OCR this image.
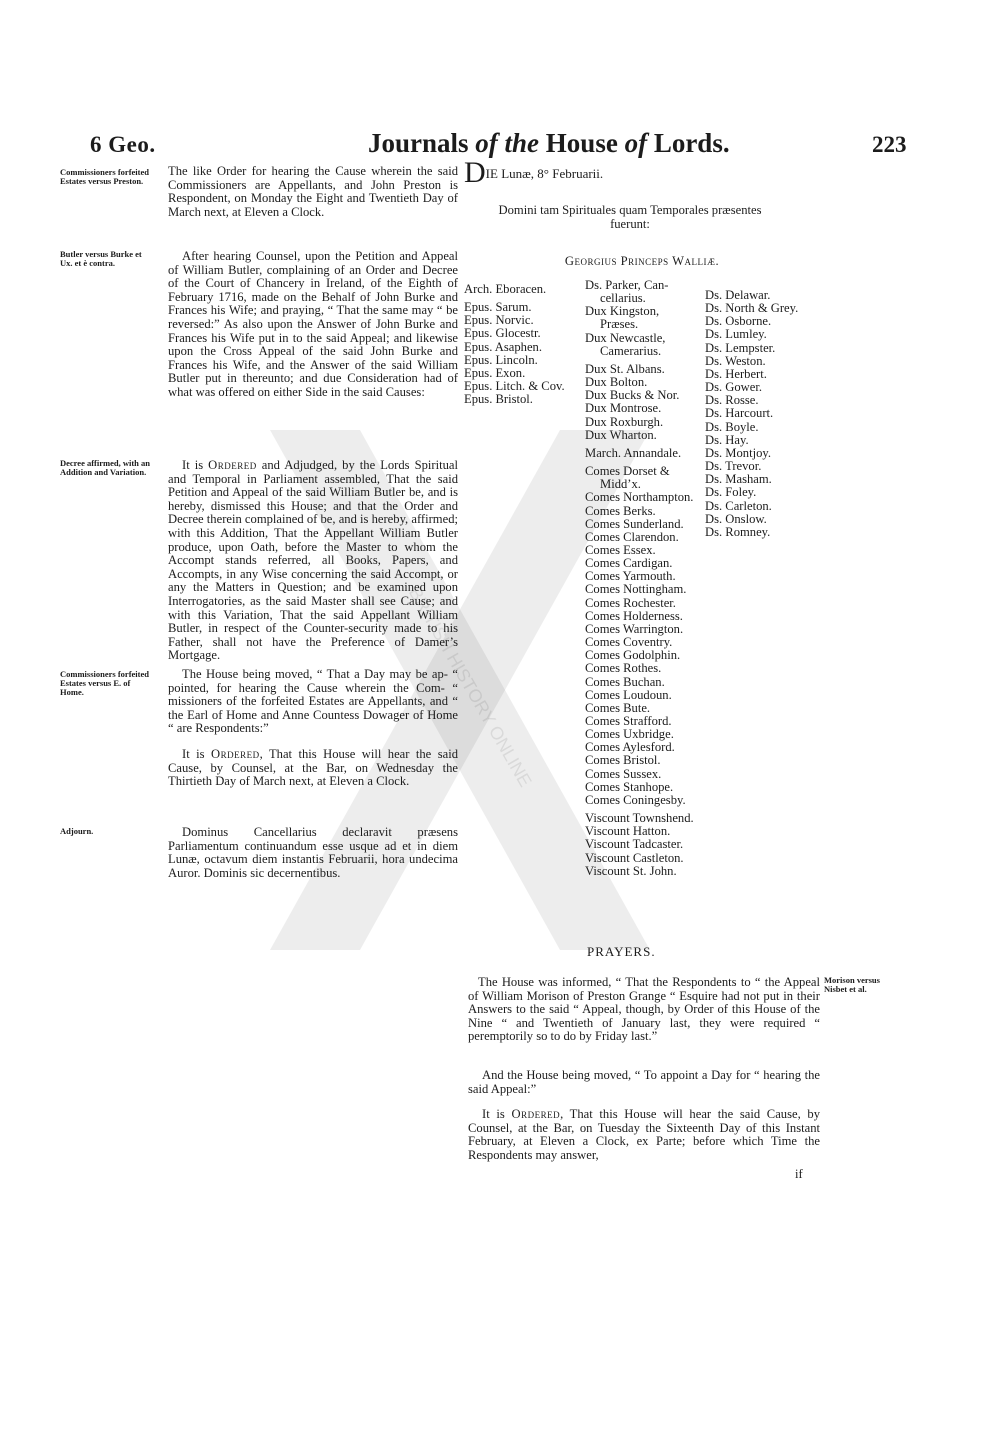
6 Geo.	Journals of the House of Lords.	223
BRITISH HISTORY ONLINE
Commissioners forfeited Estates versus Preston.
The like Order for hearing the Cause wherein the said Commissioners are Appellants, and John Preston is Respondent, on Monday the Eight and Twentieth Day of March next, at Eleven a Clock.
Butler versus Burke et Ux. et è contra.	After hearing Counsel, upon the Petition and Appeal of William Butler, complaining of an Order and Decree of the Court of Chancery in Ireland, of the Eighth of February 1716, made on the Behalf of John Burke and Frances his Wife; and praying, “ That the same may “ be reversed:” As also upon the Answer of John Burke and Frances his Wife put in to the said Appeal; and likewise upon the Cross Appeal of the said John Burke and Frances his Wife, and the Answer of the said William Butler put in thereunto; and due Consideration had of what was offered on either Side in the said Causes:
Decree affirmed, with an Addition and Variation.	It is Ordered and Adjudged, by the Lords Spiritual and Temporal in Parliament assembled, That the said Petition and Appeal of the said William Butler be, and is hereby, dismissed this House; and that the Order and Decree therein complained of be, and is hereby, affirmed; with this Addition, That the Appellant William Butler produce, upon Oath, before the Master to whom the Accompt stands referred, all Books, Papers, and Accompts, in any Wise concerning the said Accompt, or any the Matters in Question; and be examined upon Interrogatories, as the said Master shall see Cause; and with this Variation, That the said Appellant William Butler, in respect of the Counter-security made to his Father, shall not have the Preference of Damer’s Mortgage.
Commissioners forfeited Estates versus E. of Home.
The House being moved, “ That a Day may be ap- “ pointed, for hearing the Cause wherein the Com- “ missioners of the forfeited Estates are Appellants, and “ the Earl of Home and Anne Countess Dowager of Home “ are Respondents:”
It is Ordered, That this House will hear the said Cause, by Counsel, at the Bar, on Wednesday the Thirtieth Day of March next, at Eleven a Clock.
Adjourn.	Dominus Cancellarius declaravit præsens Parliamentum continuandum esse usque ad et in diem Lunæ, octavum diem instantis Februarii, hora undecima Auror. Dominis sic decernentibus.
DIE Lunæ, 8° Februarii.
Domini tam Spirituales quam Temporales præsentes fuerunt:
Georgius Princeps Walliæ.
Arch. Eboracen.
Epus. Sarum.
Epus. Norvic.
Epus. Glocestr.
Epus. Asaphen.
Epus. Lincoln.
Epus. Exon.
Epus. Litch. & Cov.
Epus. Bristol.
Ds. Parker, Can-
cellarius.
Dux Kingston,
Præses.
Dux Newcastle,
Camerarius.
Dux St. Albans.
Dux Bolton.
Dux Bucks & Nor.
Dux Montrose.
Dux Roxburgh.
Dux Wharton.
March. Annandale.
Comes Dorset &
Midd’x.
Comes Northampton.
Comes Berks.
Comes Sunderland.
Comes Clarendon.
Comes Essex.
Comes Cardigan.
Comes Yarmouth.
Comes Nottingham.
Comes Rochester.
Comes Holderness.
Comes Warrington.
Comes Coventry.
Comes Godolphin.
Comes Rothes.
Comes Buchan.
Comes Loudoun.
Comes Bute.
Comes Strafford.
Comes Uxbridge.
Comes Aylesford.
Comes Bristol.
Comes Sussex.
Comes Stanhope.
Comes Coningesby.
Viscount Townshend.
Viscount Hatton.
Viscount Tadcaster.
Viscount Castleton.
Viscount St. John.
Ds. Delawar.
Ds. North & Grey.
Ds. Osborne.
Ds. Lumley.
Ds. Lempster.
Ds. Weston.
Ds. Herbert.
Ds. Gower.
Ds. Rosse.
Ds. Harcourt.
Ds. Boyle.
Ds. Hay.
Ds. Montjoy.
Ds. Trevor.
Ds. Masham.
Ds. Foley.
Ds. Carleton.
Ds. Onslow.
Ds. Romney.
PRAYERS.
Morison versus Nisbet et al.
The House was informed, “ That the Respondents to “ the Appeal of William Morison of Preston Grange “ Esquire had not put in their Answers to the said “ Appeal, though, by Order of this House of the Nine “ and Twentieth of January last, they were required “ peremptorily so to do by Friday last.”
And the House being moved, “ To appoint a Day for “ hearing the said Appeal:”
It is Ordered, That this House will hear the said Cause, by Counsel, at the Bar, on Tuesday the Sixteenth Day of this Instant February, at Eleven a Clock, ex Parte; before which Time the Respondents may answer,
if
